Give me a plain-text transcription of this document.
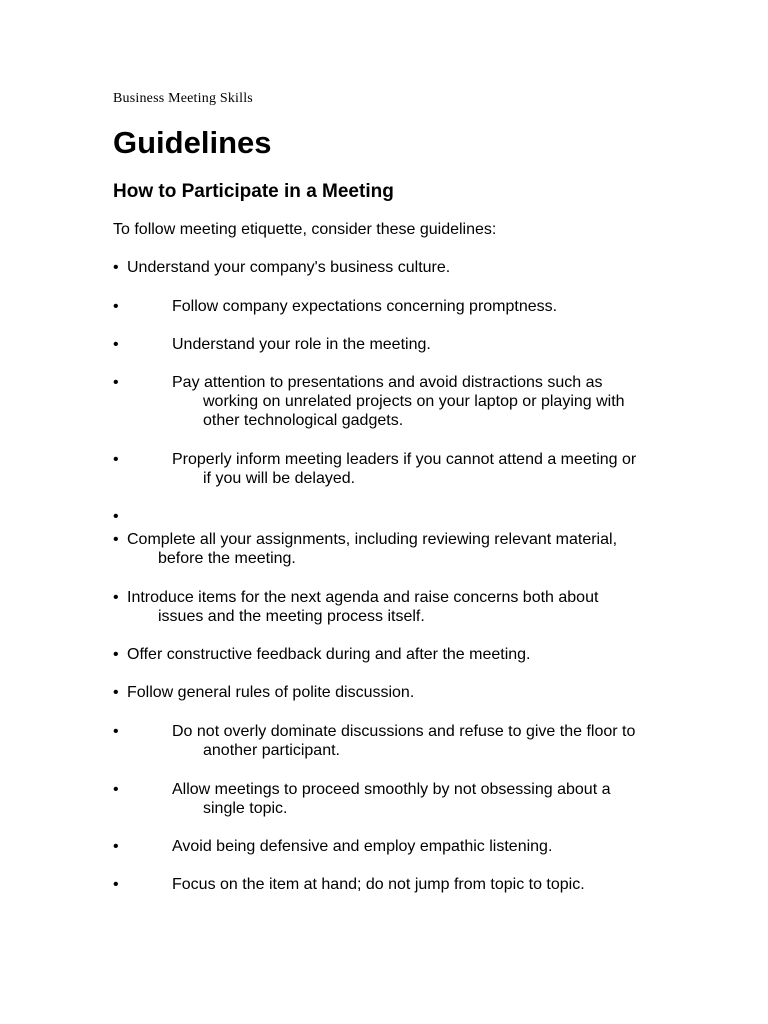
Business Meeting Skills
Guidelines
How to Participate in a Meeting
To follow meeting etiquette, consider these guidelines:
• Understand your company's business culture.
•	Follow company expectations concerning promptness.
•	Understand your role in the meeting.
•	Pay attention to presentations and avoid distractions such as
working on unrelated projects on your laptop or playing with
other technological gadgets.
•	Properly inform meeting leaders if you cannot attend a meeting or
if you will be delayed.
•
• Complete all your assignments, including reviewing relevant material,
before the meeting.
• Introduce items for the next agenda and raise concerns both about
issues and the meeting process itself.
• Offer constructive feedback during and after the meeting.
• Follow general rules of polite discussion.
•	Do not overly dominate discussions and refuse to give the floor to
another participant.
•	Allow meetings to proceed smoothly by not obsessing about a
single topic.
•	Avoid being defensive and employ empathic listening.
•	Focus on the item at hand; do not jump from topic to topic.
